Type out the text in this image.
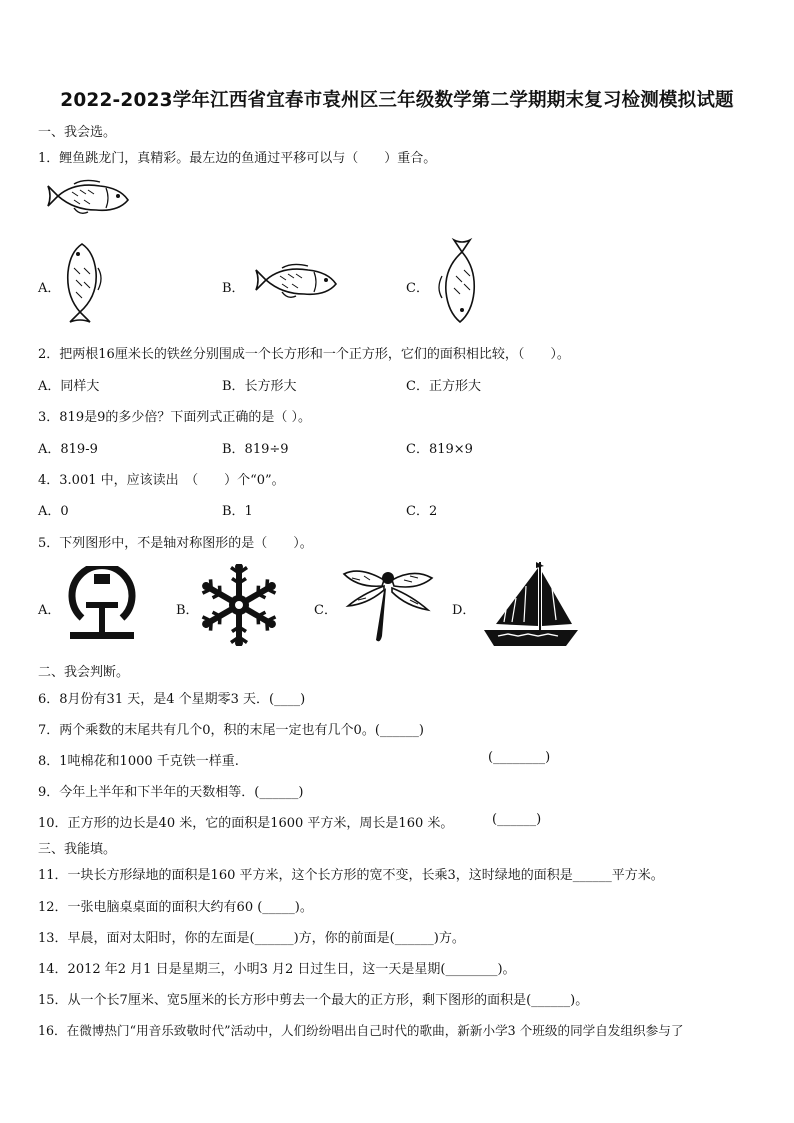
2022-2023学年江西省宜春市袁州区三年级数学第二学期期末复习检测模拟试题
一、我会选。
1．鲤鱼跳龙门，真精彩。最左边的鱼通过平移可以与（　　）重合。
A．	B．	C．
2．把两根16厘米长的铁丝分别围成一个长方形和一个正方形，它们的面积相比较，（　　）。
A．同样大	B．长方形大	C．正方形大
3．819是9的多少倍？下面列式正确的是（ ）。
A．819-9	B．819÷9	C．819×9
4．3.001 中，应该读出　（　　）个“0”。
A．0	B．1	C．2
5．下列图形中，不是轴对称图形的是（　　）。
A．	B．	C．	D．
二、我会判断。
6．8月份有31 天，是4 个星期零3 天．(____)
7．两个乘数的末尾共有几个0，积的末尾一定也有几个0。(______)
8．1吨棉花和1000 千克铁一样重.	(________)
9．今年上半年和下半年的天数相等．(______)
10．正方形的边长是40 米，它的面积是1600 平方米，周长是160 米。	(______)
三、我能填。
11．一块长方形绿地的面积是160 平方米，这个长方形的宽不变，长乘3，这时绿地的面积是______平方米。
12．一张电脑桌桌面的面积大约有60 (_____)。
13．早晨，面对太阳时，你的左面是(______)方，你的前面是(______)方。
14．2012 年2 月1 日是星期三，小明3 月2 日过生日，这一天是星期(________)。
15．从一个长7厘米、宽5厘米的长方形中剪去一个最大的正方形，剩下图形的面积是(______)。
16．在微博热门“用音乐致敬时代”活动中，人们纷纷唱出自己时代的歌曲，新新小学3 个班级的同学自发组织参与了
